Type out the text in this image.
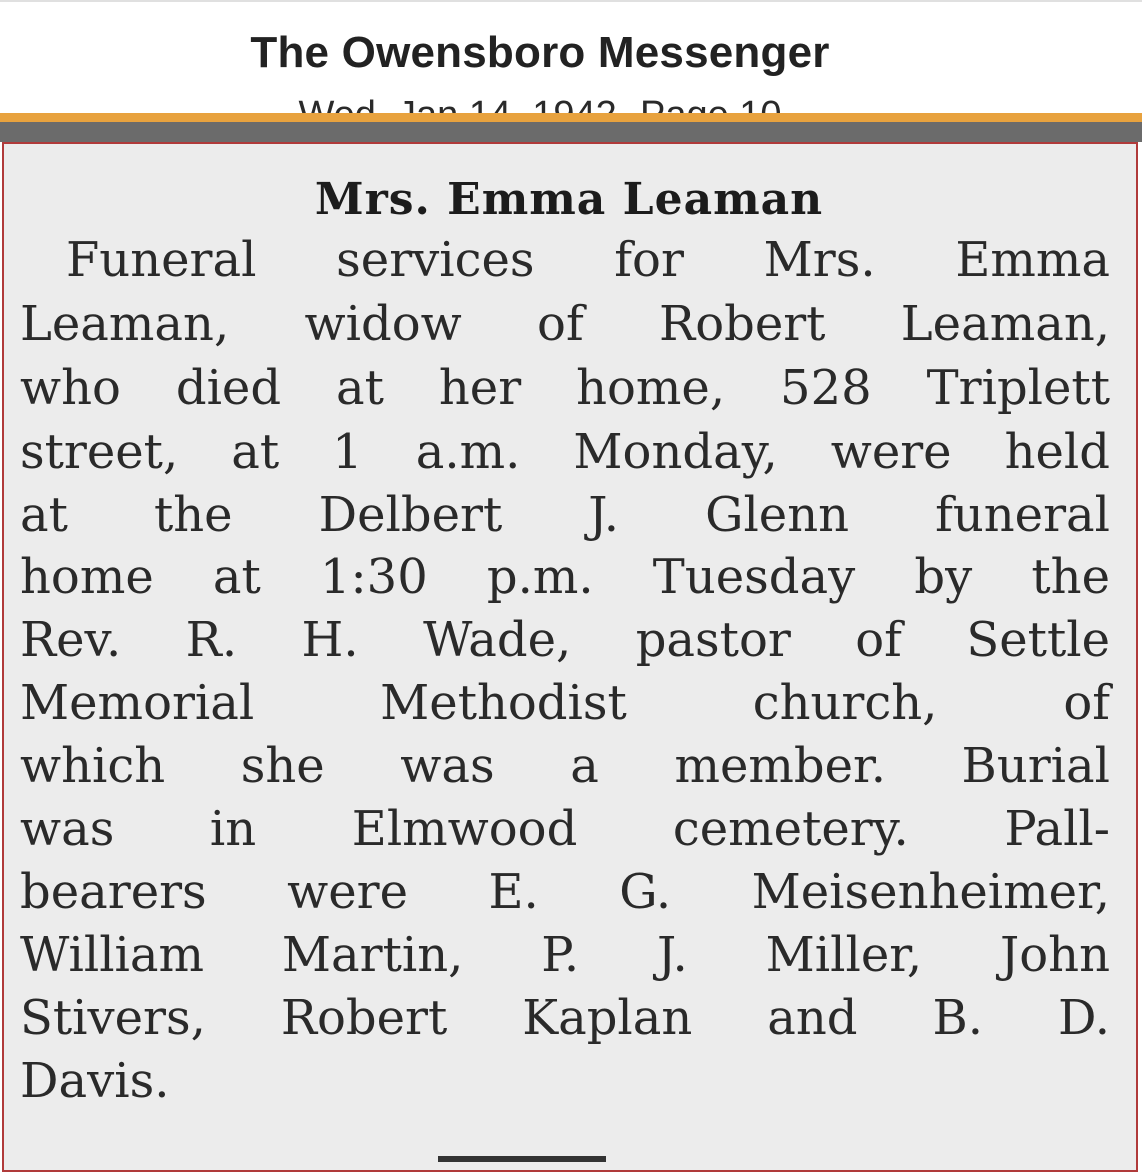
The Owensboro Messenger
Mrs. Emma Leaman
Funeral services for Mrs. Emma
Leaman, widow of Robert Leaman,
who died at her home, 528 Triplett
street, at 1 a.m. Monday, were held
at the Delbert J. Glenn funeral
home at 1:30 p.m. Tuesday by the
Rev. R. H. Wade, pastor of Settle
Memorial Methodist church, of
which she was a member. Burial
was in Elmwood cemetery. Pall-
bearers were E. G. Meisenheimer,
William Martin, P. J. Miller, John
Stivers, Robert Kaplan and B. D.
Davis.
